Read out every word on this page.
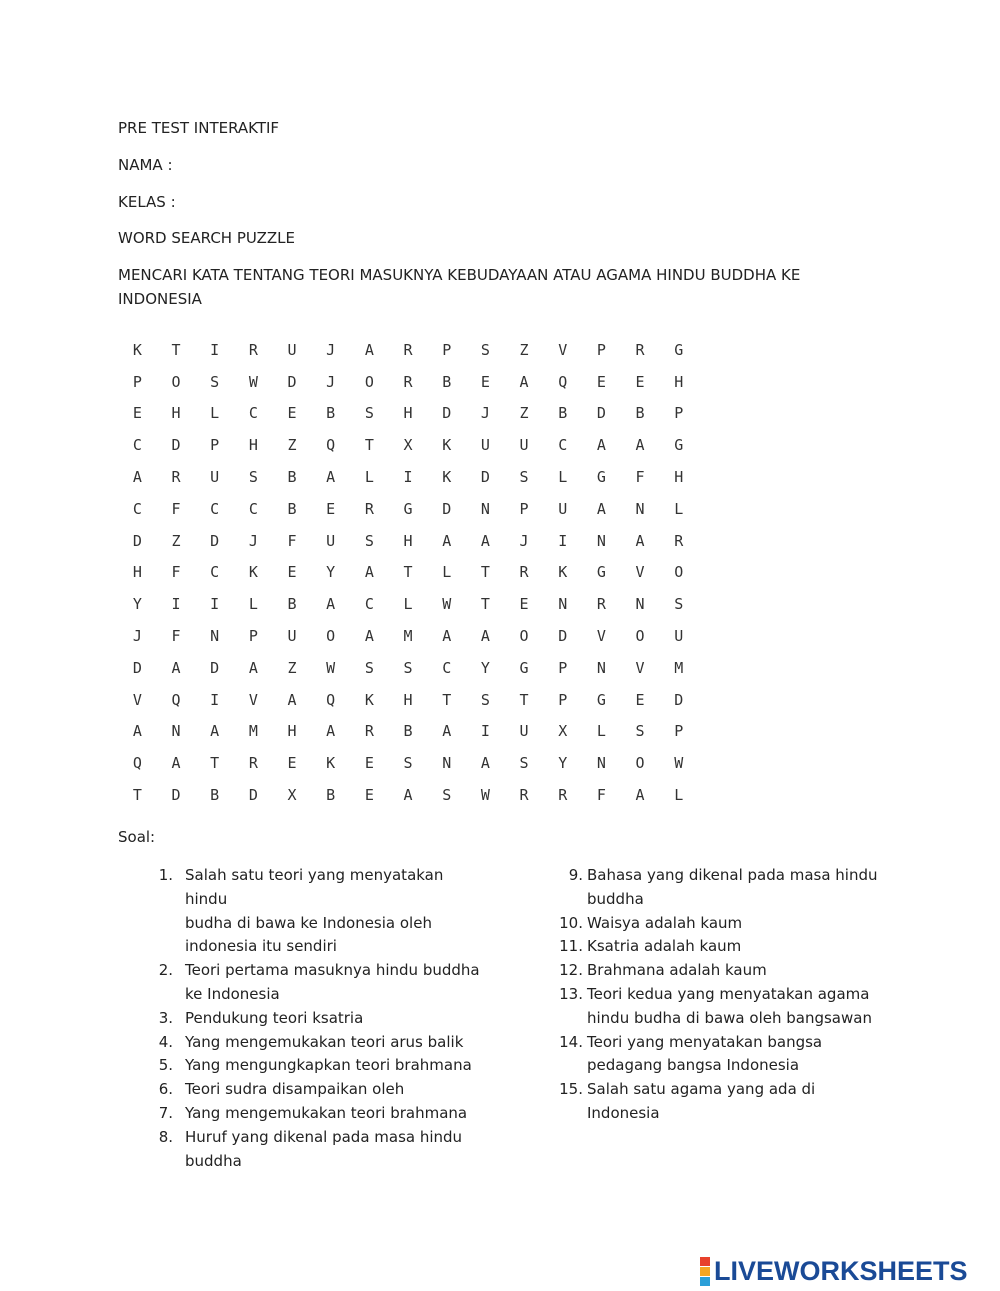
PRE TEST INTERAKTIF
NAMA :
KELAS :
WORD SEARCH PUZZLE
MENCARI KATA TENTANG TEORI MASUKNYA KEBUDAYAAN ATAU AGAMA HINDU BUDDHA KE
INDONESIA
K	T	I	R	U	J	A	R	P	S	Z	V	P	R	G
P	O	S	W	D	J	O	R	B	E	A	Q	E	E	H
E	H	L	C	E	B	S	H	D	J	Z	B	D	B	P
C	D	P	H	Z	Q	T	X	K	U	U	C	A	A	G
A	R	U	S	B	A	L	I	K	D	S	L	G	F	H
C	F	C	C	B	E	R	G	D	N	P	U	A	N	L
D	Z	D	J	F	U	S	H	A	A	J	I	N	A	R
H	F	C	K	E	Y	A	T	L	T	R	K	G	V	O
Y	I	I	L	B	A	C	L	W	T	E	N	R	N	S
J	F	N	P	U	O	A	M	A	A	O	D	V	O	U
D	A	D	A	Z	W	S	S	C	Y	G	P	N	V	M
V	Q	I	V	A	Q	K	H	T	S	T	P	G	E	D
A	N	A	M	H	A	R	B	A	I	U	X	L	S	P
Q	A	T	R	E	K	E	S	N	A	S	Y	N	O	W
T	D	B	D	X	B	E	A	S	W	R	R	F	A	L
Soal:
1. Salah satu teori yang menyatakan hindu
budha di bawa ke Indonesia oleh
indonesia itu sendiri
2. Teori pertama masuknya hindu buddha
ke Indonesia
3. Pendukung teori ksatria
4. Yang mengemukakan teori arus balik
5. Yang mengungkapkan teori brahmana
6. Teori sudra disampaikan oleh
7. Yang mengemukakan teori brahmana
8. Huruf yang dikenal pada masa hindu
buddha
9. Bahasa yang dikenal pada masa hindu
buddha
10. Waisya adalah kaum
11. Ksatria adalah kaum
12. Brahmana adalah kaum
13. Teori kedua yang menyatakan agama
hindu budha di bawa oleh bangsawan
14. Teori yang menyatakan bangsa
pedagang bangsa Indonesia
15. Salah satu agama yang ada di Indonesia
LIVEWORKSHEETS
